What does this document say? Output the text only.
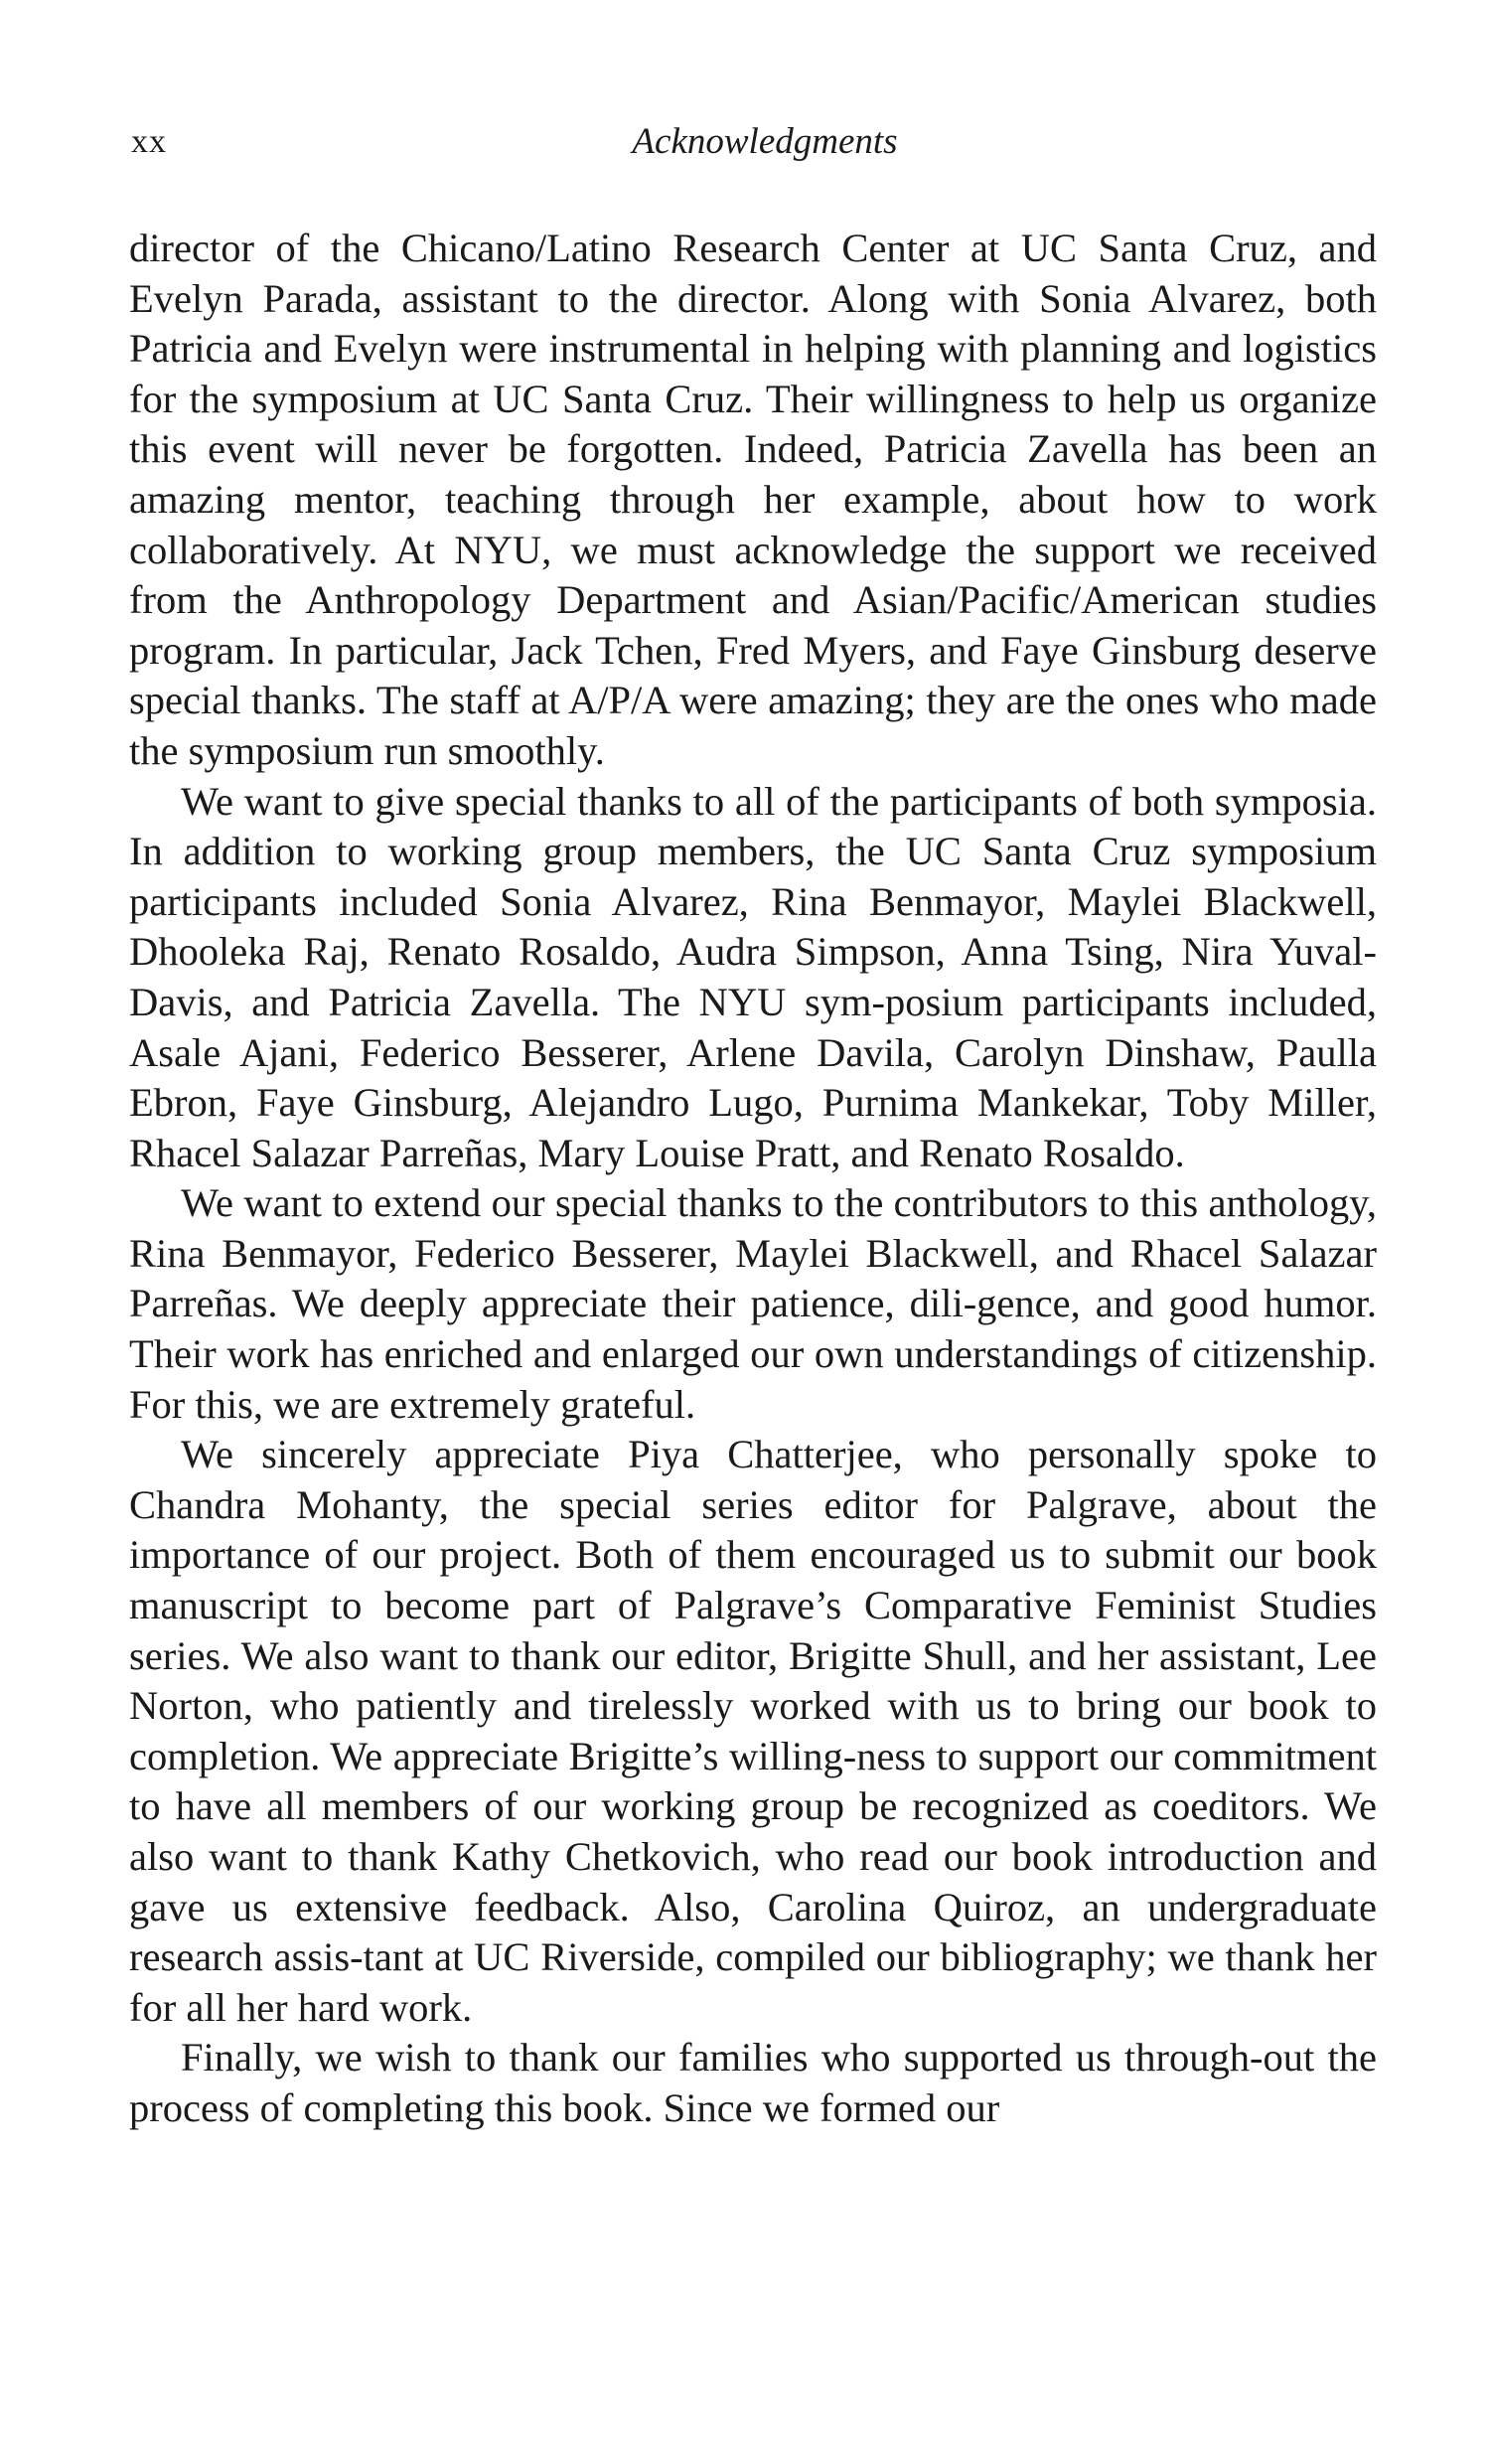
xx	Acknowledgments

director of the Chicano/Latino Research Center at UC Santa Cruz, and Evelyn Parada, assistant to the director. Along with Sonia Alvarez, both Patricia and Evelyn were instrumental in helping with planning and logistics for the symposium at UC Santa Cruz. Their willingness to help us organize this event will never be forgotten. Indeed, Patricia Zavella has been an amazing mentor, teaching through her example, about how to work collaboratively. At NYU, we must acknowledge the support we received from the Anthropology Department and Asian/Pacific/American studies program. In particular, Jack Tchen, Fred Myers, and Faye Ginsburg deserve special thanks. The staff at A/P/A were amazing; they are the ones who made the symposium run smoothly.

We want to give special thanks to all of the participants of both symposia. In addition to working group members, the UC Santa Cruz symposium participants included Sonia Alvarez, Rina Benmayor, Maylei Blackwell, Dhooleka Raj, Renato Rosaldo, Audra Simpson, Anna Tsing, Nira Yuval-Davis, and Patricia Zavella. The NYU sym-posium participants included, Asale Ajani, Federico Besserer, Arlene Davila, Carolyn Dinshaw, Paulla Ebron, Faye Ginsburg, Alejandro Lugo, Purnima Mankekar, Toby Miller, Rhacel Salazar Parreñas, Mary Louise Pratt, and Renato Rosaldo.

We want to extend our special thanks to the contributors to this anthology, Rina Benmayor, Federico Besserer, Maylei Blackwell, and Rhacel Salazar Parreñas. We deeply appreciate their patience, dili-gence, and good humor. Their work has enriched and enlarged our own understandings of citizenship. For this, we are extremely grateful.

We sincerely appreciate Piya Chatterjee, who personally spoke to Chandra Mohanty, the special series editor for Palgrave, about the importance of our project. Both of them encouraged us to submit our book manuscript to become part of Palgrave’s Comparative Feminist Studies series. We also want to thank our editor, Brigitte Shull, and her assistant, Lee Norton, who patiently and tirelessly worked with us to bring our book to completion. We appreciate Brigitte’s willing-ness to support our commitment to have all members of our working group be recognized as coeditors. We also want to thank Kathy Chetkovich, who read our book introduction and gave us extensive feedback. Also, Carolina Quiroz, an undergraduate research assis-tant at UC Riverside, compiled our bibliography; we thank her for all her hard work.

Finally, we wish to thank our families who supported us through-out the process of completing this book. Since we formed our
